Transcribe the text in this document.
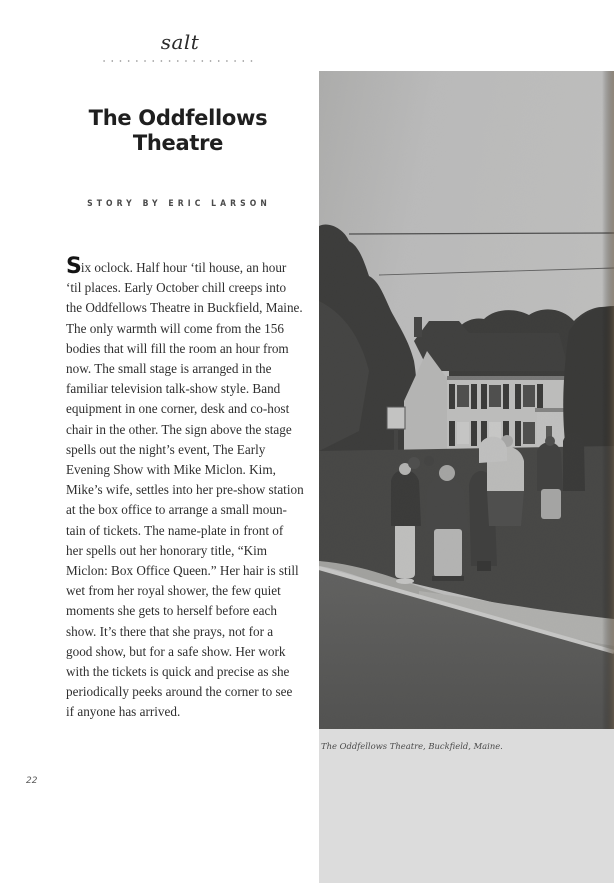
salt
The Oddfellows
Theatre
STORY BY ERIC LARSON
Six oclock. Half hour ‘til house, an hour
‘til places. Early October chill creeps into
the Oddfellows Theatre in Buckfield, Maine.
The only warmth will come from the 156
bodies that will fill the room an hour from
now. The small stage is arranged in the
familiar television talk-show style. Band
equipment in one corner, desk and co-host
chair in the other. The sign above the stage
spells out the night’s event, The Early
Evening Show with Mike Miclon. Kim,
Mike’s wife, settles into her pre-show station
at the box office to arrange a small moun-
tain of tickets. The name-plate in front of
her spells out her honorary title, “Kim
Miclon: Box Office Queen.” Her hair is still
wet from her royal shower, the few quiet
moments she gets to herself before each
show. It’s there that she prays, not for a
good show, but for a safe show. Her work
with the tickets is quick and precise as she
periodically peeks around the corner to see
if anyone has arrived.
The Oddfellows Theatre, Buckfield, Maine.
22
